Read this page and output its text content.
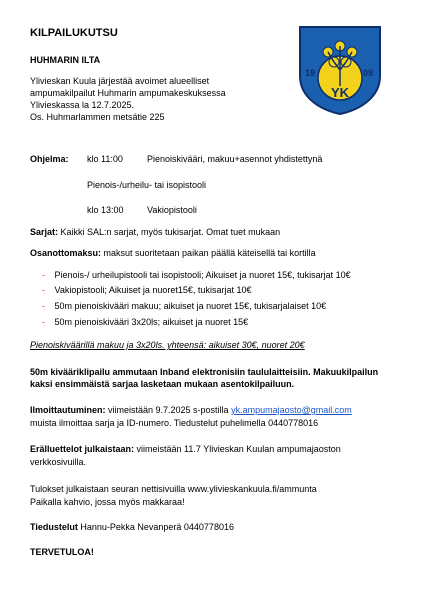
KILPAILUKUTSU
HUHMARIN ILTA
Ylivieskan Kuula järjestää avoimet alueelliset
ampumakilpailut Huhmarin ampumakeskuksessa
Ylivieskassa la 12.7.2025.
Os. Huhmarlammen metsätie 225
19	09
YK
Ohjelma: klo 11:00	Pienoiskivääri, makuu+asennot yhdistettynä
Pienois-/urheilu- tai isopistooli
klo 13:00	Vakiopistooli
Sarjat: Kaikki SAL:n sarjat, myös tukisarjat. Omat tuet mukaan
Osanottomaksu: maksut suoritetaan paikan päällä käteisellä tai kortilla
- Pienois-/ urheilupistooli tai isopistooli; Aikuiset ja nuoret 15€, tukisarjat 10€
- Vakiopistooli; Aikuiset ja nuoret15€, tukisarjat 10€
- 50m pienoiskivääri makuu; aikuiset ja nuoret 15€, tukisarjalaiset 10€
- 50m pienoiskivääri 3x20ls; aikuiset ja nuoret 15€
Pienoiskiväärillä makuu ja 3x20ls. yhteensä: aikuiset 30€, nuoret 20€
50m kivääriklipailu ammutaan Inband elektronisiin taululaitteisiin. Makuukilpailun
kaksi ensimmäistä sarjaa lasketaan mukaan asentokilpailuun.
Ilmoittautuminen: viimeistään 9.7.2025 s-postilla yk.ampumajaosto@gmail.com
muista ilmoittaa sarja ja ID-numero. Tiedustelut puhelimella 0440778016
Erälluettelot julkaistaan: viimeistään 11.7 Ylivieskan Kuulan ampumajaoston
verkkosivuilla.
Tulokset julkaistaan seuran nettisivuilla www.ylivieskankuula.fi/ammunta
Paikalla kahvio, jossa myös makkaraa!
Tiedustelut Hannu-Pekka Nevanperä 0440778016
TERVETULOA!
